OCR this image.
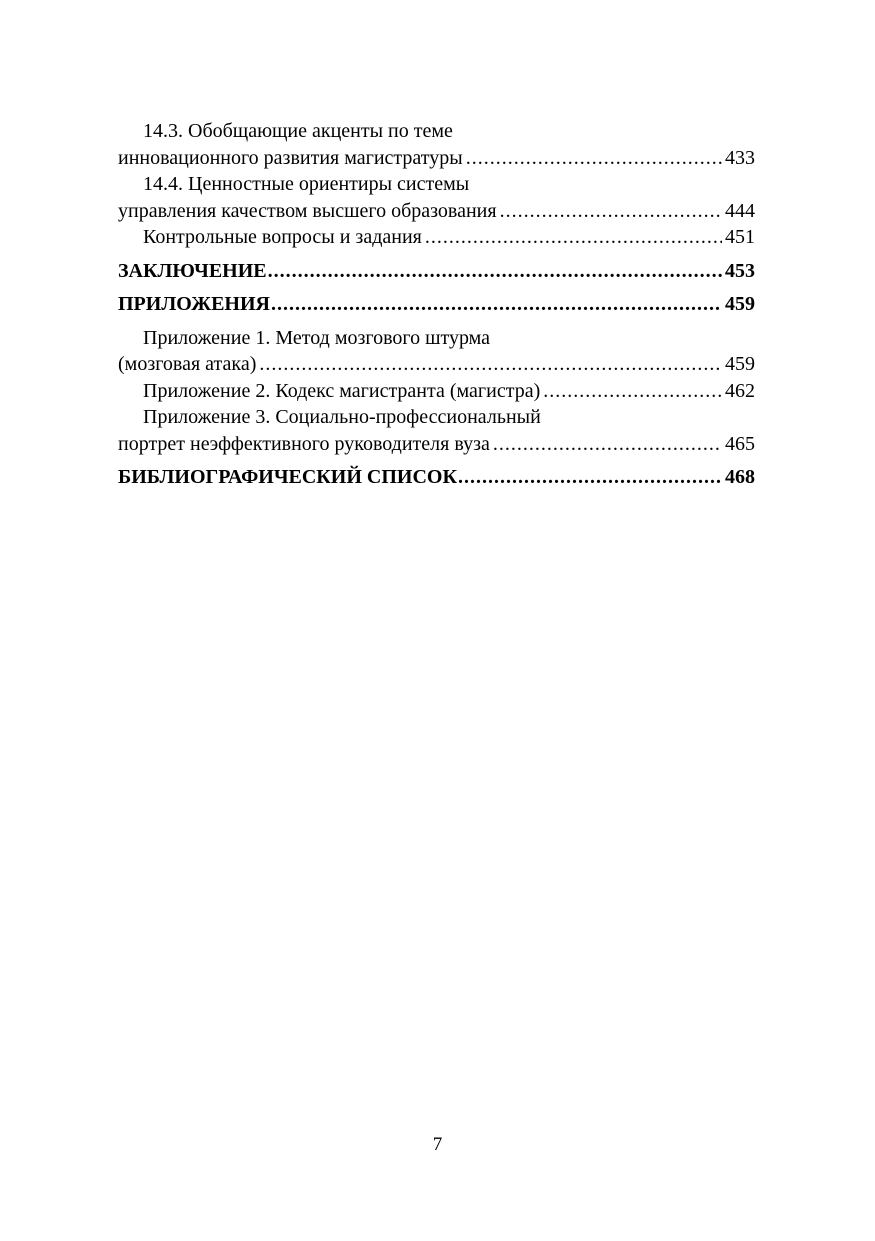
14.3. Обобщающие акценты по теме
инновационного развития магистратуры .....	433
14.4. Ценностные ориентиры системы
управления качеством высшего образования .....	444
Контрольные вопросы и задания .....	451
ЗАКЛЮЧЕНИЕ .....	453
ПРИЛОЖЕНИЯ .....	459
Приложение 1. Метод мозгового штурма
(мозговая атака) .....	459
Приложение 2. Кодекс магистранта (магистра) .....	462
Приложение 3. Социально-профессиональный
портрет неэффективного руководителя вуза .....	465
БИБЛИОГРАФИЧЕСКИЙ СПИСОК .....	468
7
